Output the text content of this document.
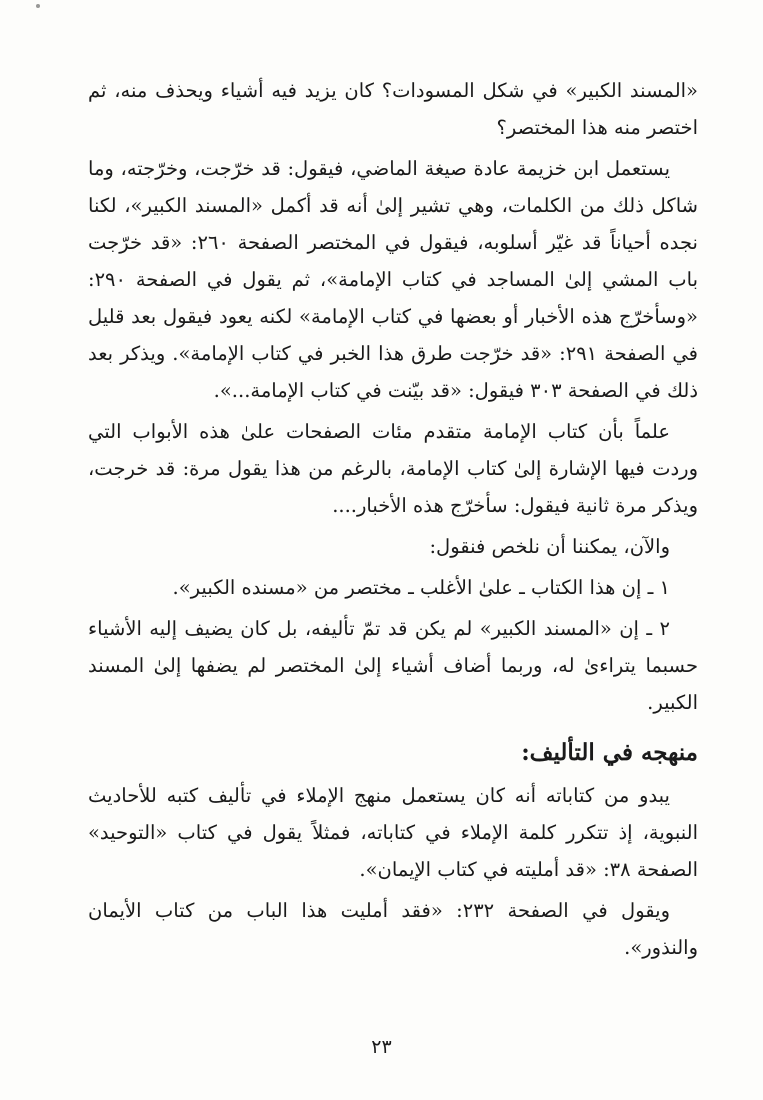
«المسند الكبير» في شكل المسودات؟ كان يزيد فيه أشياء ويحذف منه، ثم اختصر منه هذا المختصر؟

يستعمل ابن خزيمة عادة صيغة الماضي، فيقول: قد خرّجت، وخرّجته، وما شاكل ذلك من الكلمات، وهي تشير إلىٰ أنه قد أكمل «المسند الكبير»، لكنا نجده أحياناً قد غيّر أسلوبه، فيقول في المختصر الصفحة ٢٦٠: «قد خرّجت باب المشي إلىٰ المساجد في كتاب الإمامة»، ثم يقول في الصفحة ٢٩٠: «وسأخرّج هذه الأخبار أو بعضها في كتاب الإمامة» لكنه يعود فيقول بعد قليل في الصفحة ٢٩١: «قد خرّجت طرق هذا الخبر في كتاب الإمامة». ويذكر بعد ذلك في الصفحة ٣٠٣ فيقول: «قد بيّنت في كتاب الإمامة...».

علماً بأن كتاب الإمامة متقدم مئات الصفحات علىٰ هذه الأبواب التي وردت فيها الإشارة إلىٰ كتاب الإمامة، بالرغم من هذا يقول مرة: قد خرجت، ويذكر مرة ثانية فيقول: سأخرّج هذه الأخبار....

والآن، يمكننا أن نلخص فنقول:

١ ـ إن هذا الكتاب ـ علىٰ الأغلب ـ مختصر من «مسنده الكبير».

٢ ـ إن «المسند الكبير» لم يكن قد تمّ تأليفه، بل كان يضيف إليه الأشياء حسبما يتراءىٰ له، وربما أضاف أشياء إلىٰ المختصر لم يضفها إلىٰ المسند الكبير.

منهجه في التأليف:

يبدو من كتاباته أنه كان يستعمل منهج الإملاء في تأليف كتبه للأحاديث النبوية، إذ تتكرر كلمة الإملاء في كتاباته، فمثلاً يقول في كتاب «التوحيد» الصفحة ٣٨: «قد أمليته في كتاب الإيمان».

ويقول في الصفحة ٢٣٢: «فقد أمليت هذا الباب من كتاب الأيمان والنذور».

٢٣
